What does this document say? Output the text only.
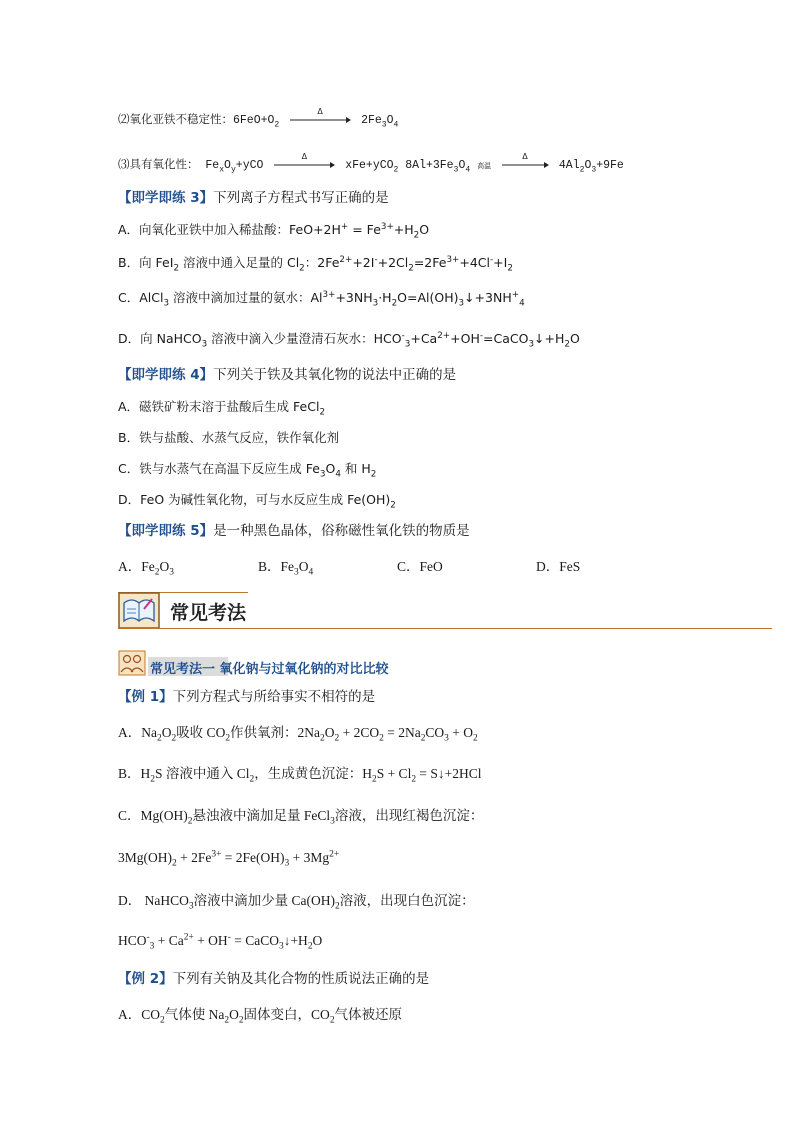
⑵氧化亚铁不稳定性：$6FeO+O_2$
Δ
$2Fe_3O_4$
⑶具有氧化性： $Fe_xO_y+yCO$
Δ
xFe+yCO$_2$ $8Al+3Fe_3O_4$ 高温
Δ
$4Al_2O_3+9Fe$
【即学即练 3】下列离子方程式书写正确的是
A．向氧化亚铁中加入稀盐酸：$FeO+2H^+ = Fe^{3+}+H_2O$
B．向 FeI$_2$ 溶液中通入足量的 $Cl_2$：$2Fe^{2+}+2I^-+2Cl_2=2Fe^{3+}+4Cl^-+I_2$
C．AlCl$_3$ 溶液中滴加过量的氨水：$Al^{3+}+3NH_3\cdot H_2O=Al(OH)_3↓+3NH^+_4$
D．向 NaHCO$_3$ 溶液中滴入少量澄清石灰水：$HCO^-_3+Ca^{2+}+OH^-=CaCO_3↓+H_2O$
【即学即练 4】下列关于铁及其氧化物的说法中正确的是
A．磁铁矿粉末溶于盐酸后生成 FeCl$_2$
B．铁与盐酸、水蒸气反应，铁作氧化剂
C．铁与水蒸气在高温下反应生成 $Fe_3O_4$ 和 $H_2$
D．FeO 为碱性氧化物，可与水反应生成 $Fe(OH)_2$
【即学即练 5】是一种黑色晶体，俗称磁性氧化铁的物质是
A．$Fe_2O_3$	B．$Fe_3O_4$	C．FeO	D．FeS
常见考法
常见考法一 氧化钠与过氧化钠的对比比较
【例 1】下列方程式与所给事实不相符的是
A．$Na_2O_2$吸收 $CO_2$作供氧剂：$2Na_2O_2 + 2CO_2 = 2Na_2CO_3 + O_2$
B．$H_2S$ 溶液中通入 $Cl_2$，生成黄色沉淀：$H_2S + Cl_2$ = S↓+2HCl
C．$Mg(OH)_2$悬浊液中滴加足量 FeCl$_3$溶液，出现红褐色沉淀：
$3Mg(OH)_2 + 2Fe^{3+} = 2Fe(OH)_3 + 3Mg^{2+}$
D． NaHCO$_3$溶液中滴加少量 $Ca(OH)_2$溶液，出现白色沉淀：
$HCO^-_3 + Ca^{2+} + OH^-$ = $CaCO_3↓+H_2O$
【例 2】下列有关钠及其化合物的性质说法正确的是
A．$CO_2$气体使 $Na_2O_2$固体变白，$CO_2$气体被还原
